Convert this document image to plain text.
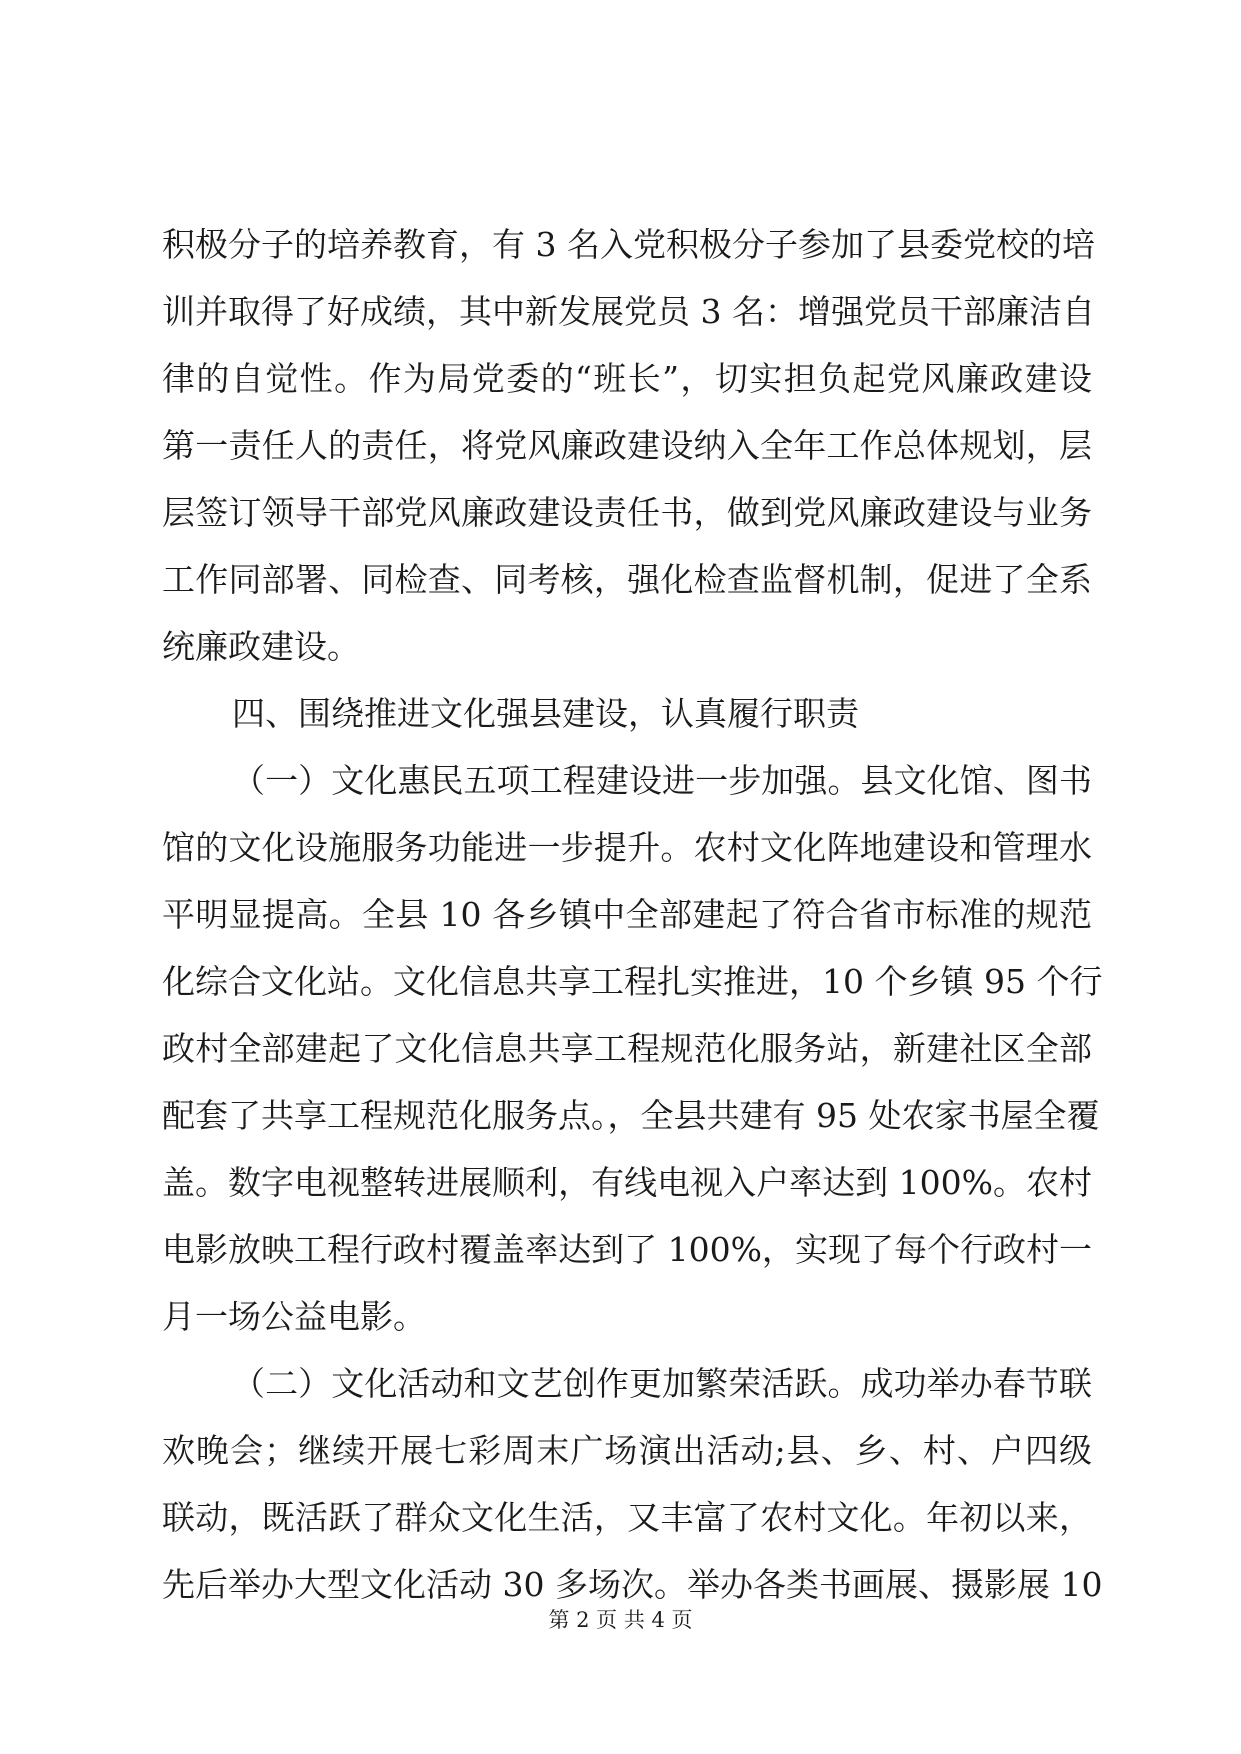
积极分子的培养教育，有 3 名入党积极分子参加了县委党校的培
训并取得了好成绩，其中新发展党员 3 名：增强党员干部廉洁自
律的自觉性。作为局党委的“班长”，切实担负起党风廉政建设
第一责任人的责任，将党风廉政建设纳入全年工作总体规划，层
层签订领导干部党风廉政建设责任书，做到党风廉政建设与业务
工作同部署、同检查、同考核，强化检查监督机制，促进了全系
统廉政建设。
四、围绕推进文化强县建设，认真履行职责
（一）文化惠民五项工程建设进一步加强。县文化馆、图书
馆的文化设施服务功能进一步提升。农村文化阵地建设和管理水
平明显提高。全县 10 各乡镇中全部建起了符合省市标准的规范
化综合文化站。文化信息共享工程扎实推进，10 个乡镇 95 个行
政村全部建起了文化信息共享工程规范化服务站，新建社区全部
配套了共享工程规范化服务点。，全县共建有 95 处农家书屋全覆
盖。数字电视整转进展顺利，有线电视入户率达到 100%。农村
电影放映工程行政村覆盖率达到了 100%，实现了每个行政村一
月一场公益电影。
（二）文化活动和文艺创作更加繁荣活跃。成功举办春节联
欢晚会；继续开展七彩周末广场演出活动;县、乡、村、户四级
联动，既活跃了群众文化生活，又丰富了农村文化。年初以来，
先后举办大型文化活动 30 多场次。举办各类书画展、摄影展 10
第 2 页 共 4 页
